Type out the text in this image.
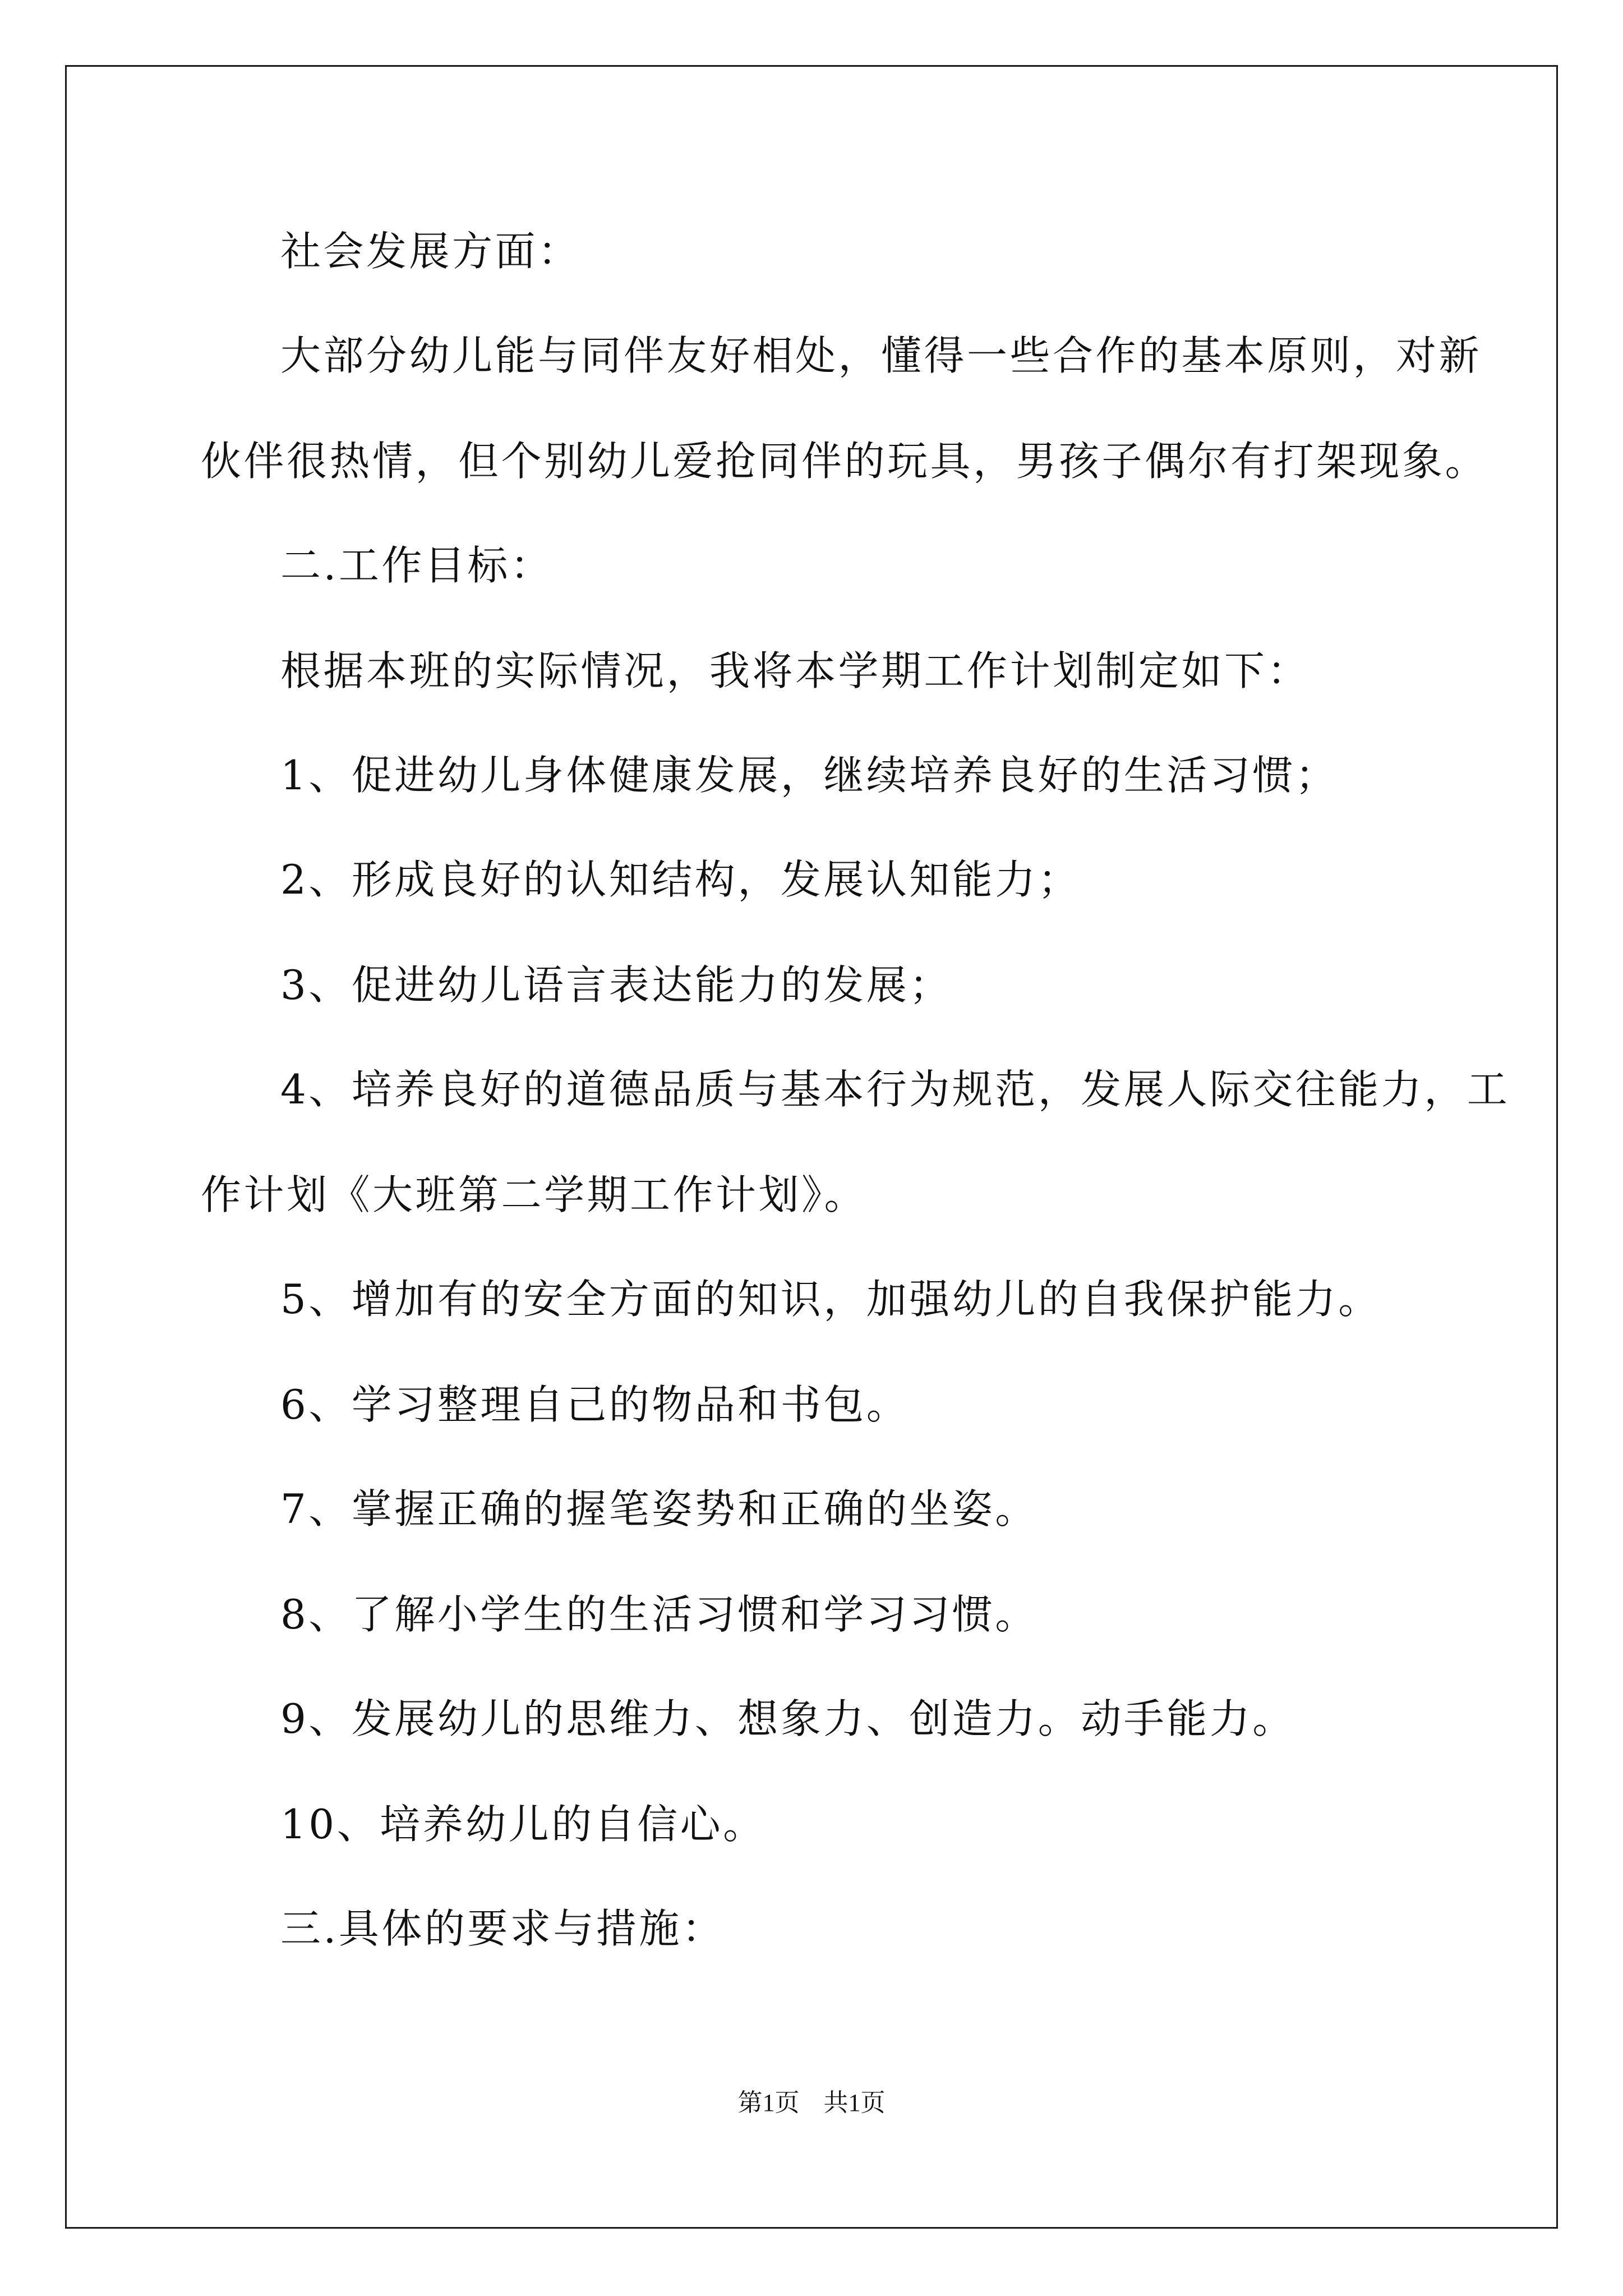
社会发展方面：

大部分幼儿能与同伴友好相处，懂得一些合作的基本原则，对新

伙伴很热情，但个别幼儿爱抢同伴的玩具，男孩子偶尔有打架现象。

二.工作目标：

根据本班的实际情况，我将本学期工作计划制定如下：

1、促进幼儿身体健康发展，继续培养良好的生活习惯；

2、形成良好的认知结构，发展认知能力；

3、促进幼儿语言表达能力的发展；

4、培养良好的道德品质与基本行为规范，发展人际交往能力，工

作计划《大班第二学期工作计划》。

5、增加有的安全方面的知识，加强幼儿的自我保护能力。

6、学习整理自己的物品和书包。

7、掌握正确的握笔姿势和正确的坐姿。

8、了解小学生的生活习惯和学习习惯。

9、发展幼儿的思维力、想象力、创造力。动手能力。

10、培养幼儿的自信心。

三.具体的要求与措施：

第1页 共1页
